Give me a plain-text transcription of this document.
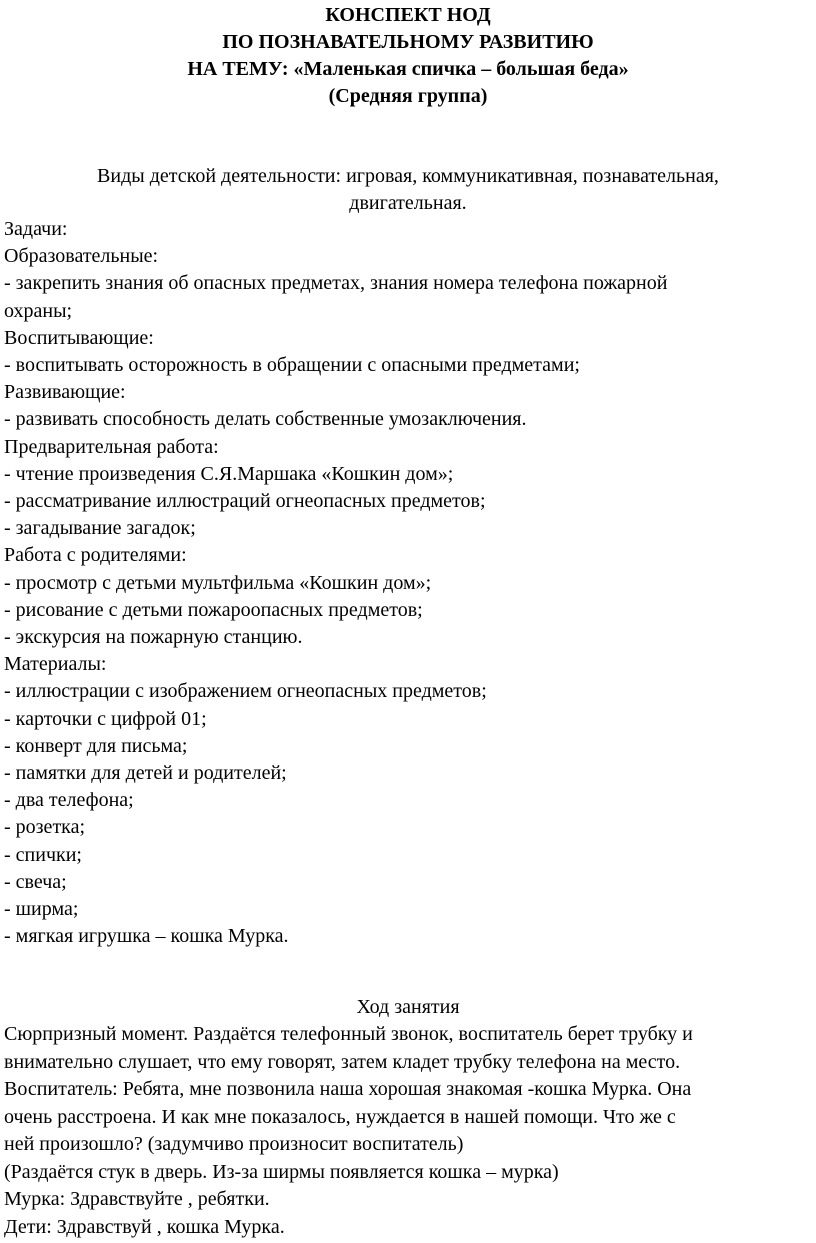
КОНСПЕКТ НОД
ПО ПОЗНАВАТЕЛЬНОМУ РАЗВИТИЮ
НА ТЕМУ: «Маленькая спичка – большая беда»
(Средняя группа)
Виды детской деятельности: игровая, коммуникативная, познавательная,
двигательная.
Задачи:
Образовательные:
- закрепить знания об опасных предметах, знания номера телефона пожарной
охраны;
Воспитывающие:
- воспитывать осторожность в обращении с опасными предметами;
Развивающие:
- развивать способность делать собственные умозаключения.
Предварительная работа:
- чтение произведения С.Я.Маршака «Кошкин дом»;
- рассматривание иллюстраций огнеопасных предметов;
- загадывание загадок;
Работа с родителями:
- просмотр с детьми мультфильма «Кошкин дом»;
- рисование с детьми пожароопасных предметов;
- экскурсия на пожарную станцию.
Материалы:
- иллюстрации с изображением огнеопасных предметов;
- карточки с цифрой 01;
- конверт для письма;
- памятки для детей и родителей;
- два телефона;
- розетка;
- спички;
- свеча;
- ширма;
- мягкая игрушка – кошка Мурка.
Ход занятия
Сюрпризный момент. Раздаётся телефонный звонок, воспитатель берет трубку и
внимательно слушает, что ему говорят, затем кладет трубку телефона на место.
Воспитатель: Ребята, мне позвонила наша хорошая знакомая -кошка Мурка. Она
очень расстроена. И как мне показалось, нуждается в нашей помощи. Что же с
ней произошло? (задумчиво произносит воспитатель)
(Раздаётся стук в дверь. Из-за ширмы появляется кошка – мурка)
Мурка: Здравствуйте , ребятки.
Дети: Здравствуй , кошка Мурка.
